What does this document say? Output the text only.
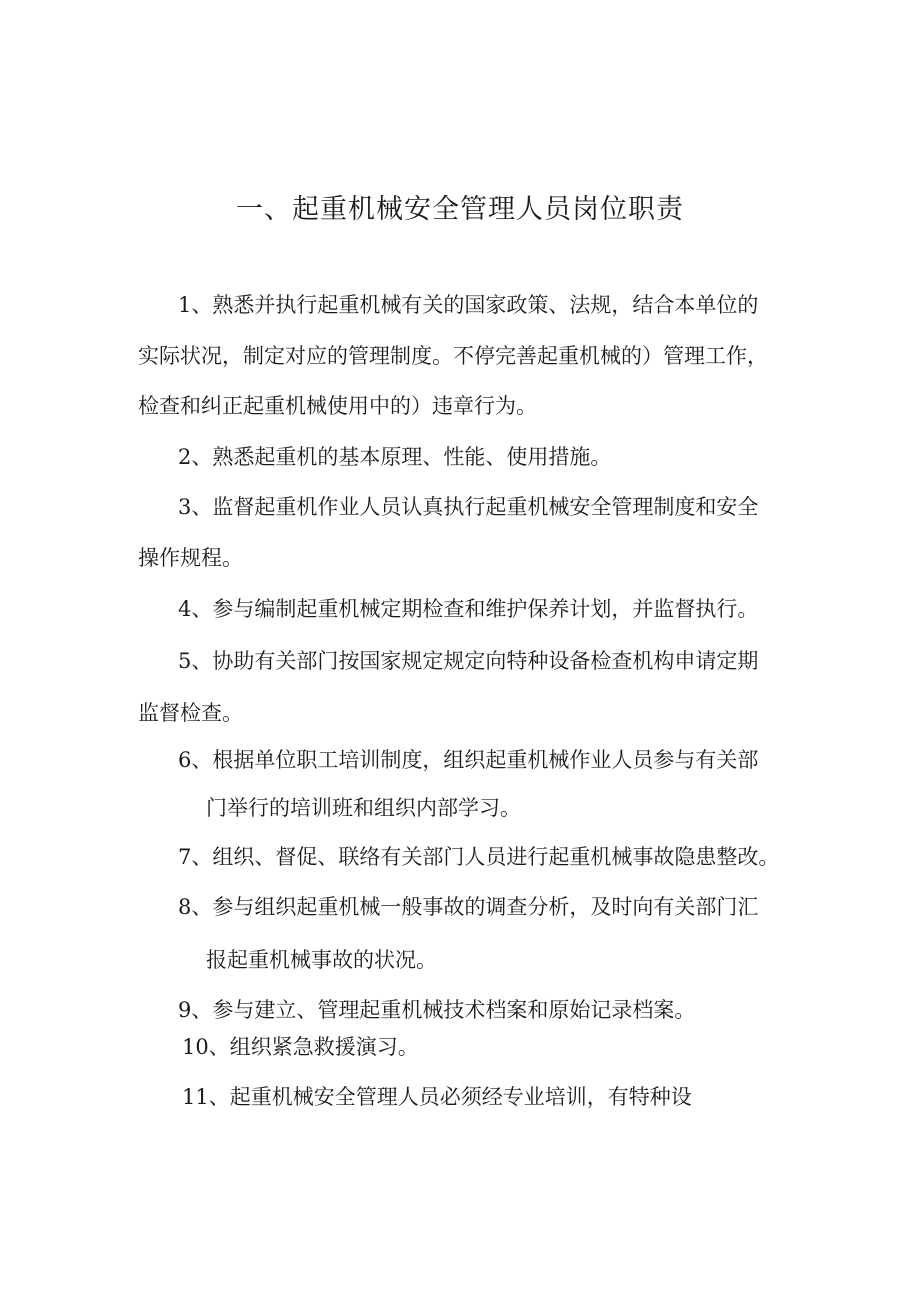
一、起重机械安全管理人员岗位职责
1、熟悉并执行起重机械有关的国家政策、法规，结合本单位的
实际状况，制定对应的管理制度。不停完善起重机械的）管理工作，
检查和纠正起重机械使用中的）违章行为。
2、熟悉起重机的基本原理、性能、使用措施。
3、监督起重机作业人员认真执行起重机械安全管理制度和安全
操作规程。
4、参与编制起重机械定期检查和维护保养计划，并监督执行。
5、协助有关部门按国家规定规定向特种设备检查机构申请定期
监督检查。
6、根据单位职工培训制度，组织起重机械作业人员参与有关部
门举行的培训班和组织内部学习。
7、组织、督促、联络有关部门人员进行起重机械事故隐患整改。
8、参与组织起重机械一般事故的调查分析，及时向有关部门汇
报起重机械事故的状况。
9、参与建立、管理起重机械技术档案和原始记录档案。
10、组织紧急救援演习。
11、起重机械安全管理人员必须经专业培训，有特种设
